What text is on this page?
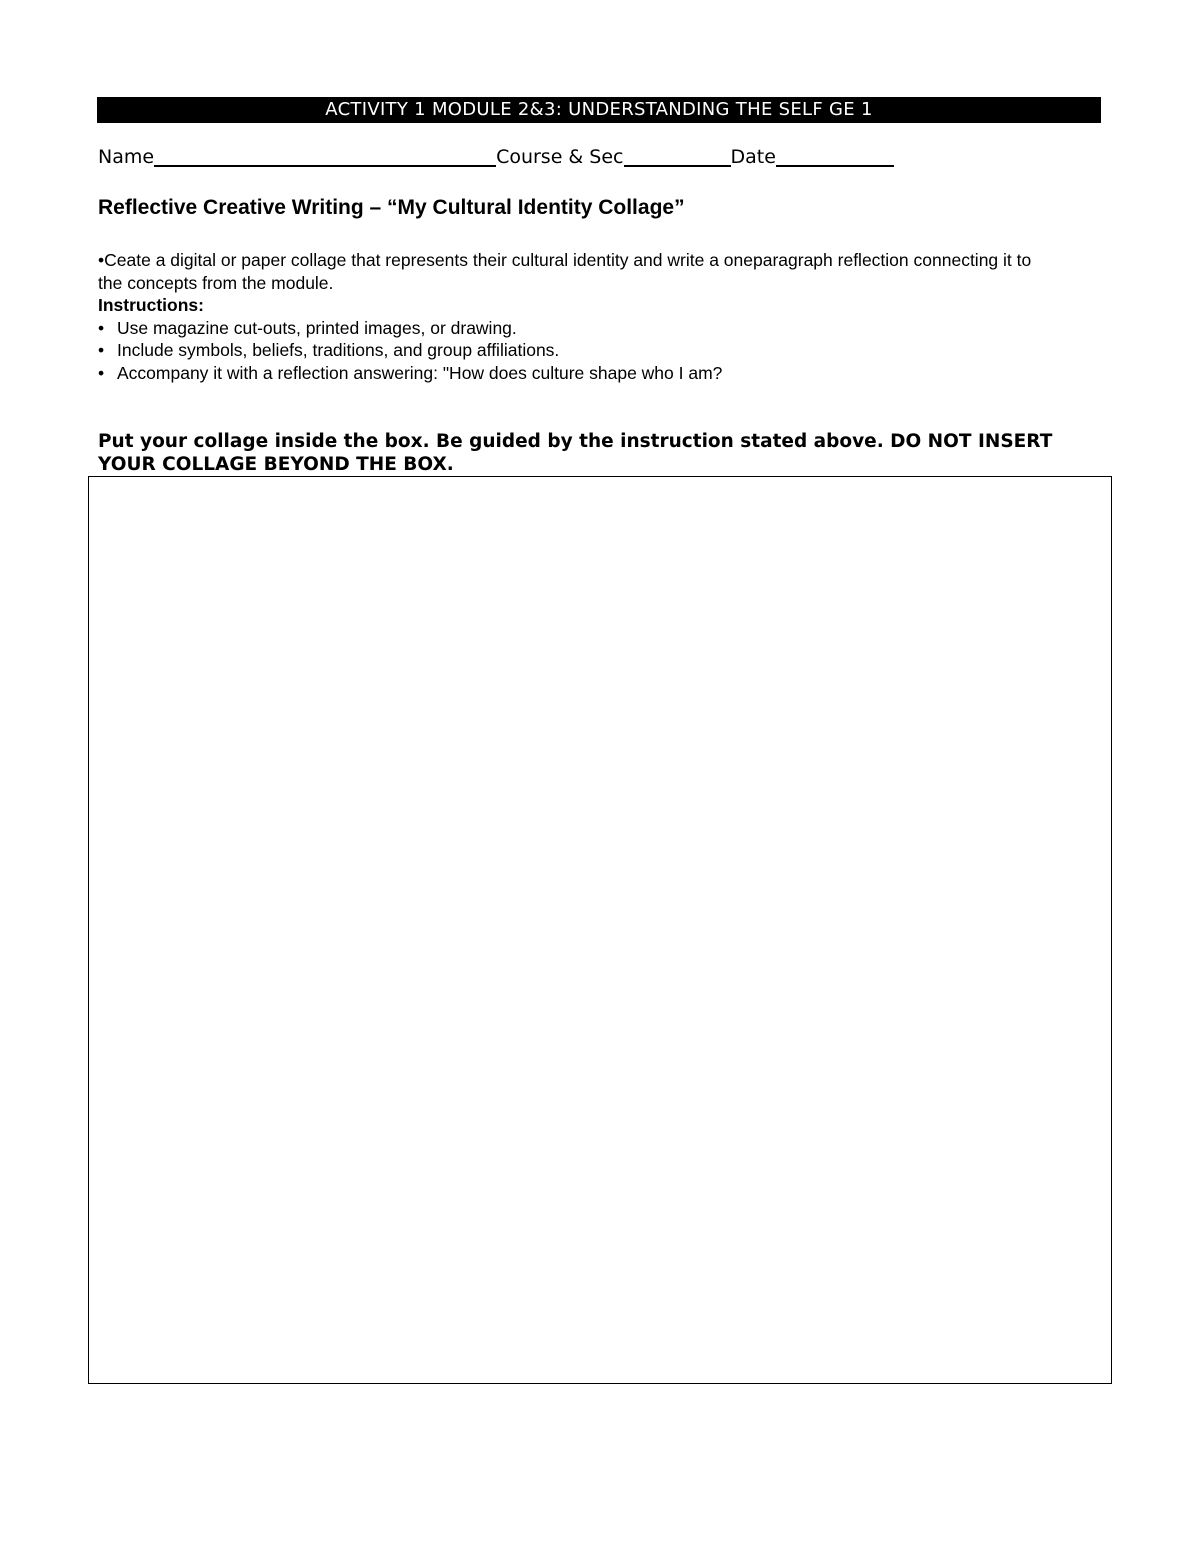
ACTIVITY 1 MODULE 2&3: UNDERSTANDING THE SELF GE 1
Name	Course & Sec	Date
Reflective Creative Writing – “My Cultural Identity Collage”

•Ceate a digital or paper collage that represents their cultural identity and write a oneparagraph reflection connecting it to the concepts from the module.

Instructions:

• Use magazine cut-outs, printed images, or drawing.
• Include symbols, beliefs, traditions, and group affiliations.
• Accompany it with a reflection answering: "How does culture shape who I am?
Put your collage inside the box. Be guided by the instruction stated above. DO NOT INSERT YOUR COLLAGE BEYOND THE BOX.
